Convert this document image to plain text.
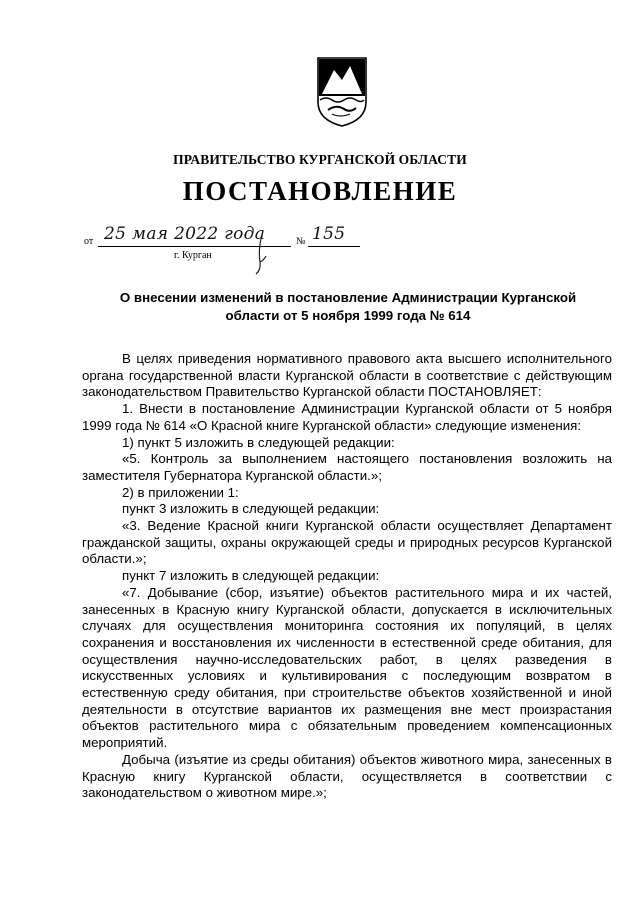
ПРАВИТЕЛЬСТВО КУРГАНСКОЙ ОБЛАСТИ
ПОСТАНОВЛЕНИЕ
от 25 мая 2022 года	№ 155
г. Курган
О внесении изменений в постановление Администрации Курганской
области от 5 ноября 1999 года № 614

В целях приведения нормативного правового акта высшего исполнительного органа государственной власти Курганской области в соответствие с действующим законодательством Правительство Курганской области ПОСТАНОВЛЯЕТ:

1. Внести в постановление Администрации Курганской области от 5 ноября 1999 года № 614 «О Красной книге Курганской области» следующие изменения:

1) пункт 5 изложить в следующей редакции:

«5. Контроль за выполнением настоящего постановления возложить на заместителя Губернатора Курганской области.»;

2) в приложении 1:

пункт 3 изложить в следующей редакции:

«3. Ведение Красной книги Курганской области осуществляет Департамент гражданской защиты, охраны окружающей среды и природных ресурсов Курганской области.»;

пункт 7 изложить в следующей редакции:

«7. Добывание (сбор, изъятие) объектов растительного мира и их частей, занесенных в Красную книгу Курганской области, допускается в исключительных случаях для осуществления мониторинга состояния их популяций, в целях сохранения и восстановления их численности в естественной среде обитания, для осуществления научно-исследовательских работ, в целях разведения в искусственных условиях и культивирования с последующим возвратом в естественную среду обитания, при строительстве объектов хозяйственной и иной деятельности в отсутствие вариантов их размещения вне мест произрастания объектов растительного мира с обязательным проведением компенсационных мероприятий.

Добыча (изъятие из среды обитания) объектов животного мира, занесенных в Красную книгу Курганской области, осуществляется в соответствии с законодательством о животном мире.»;
